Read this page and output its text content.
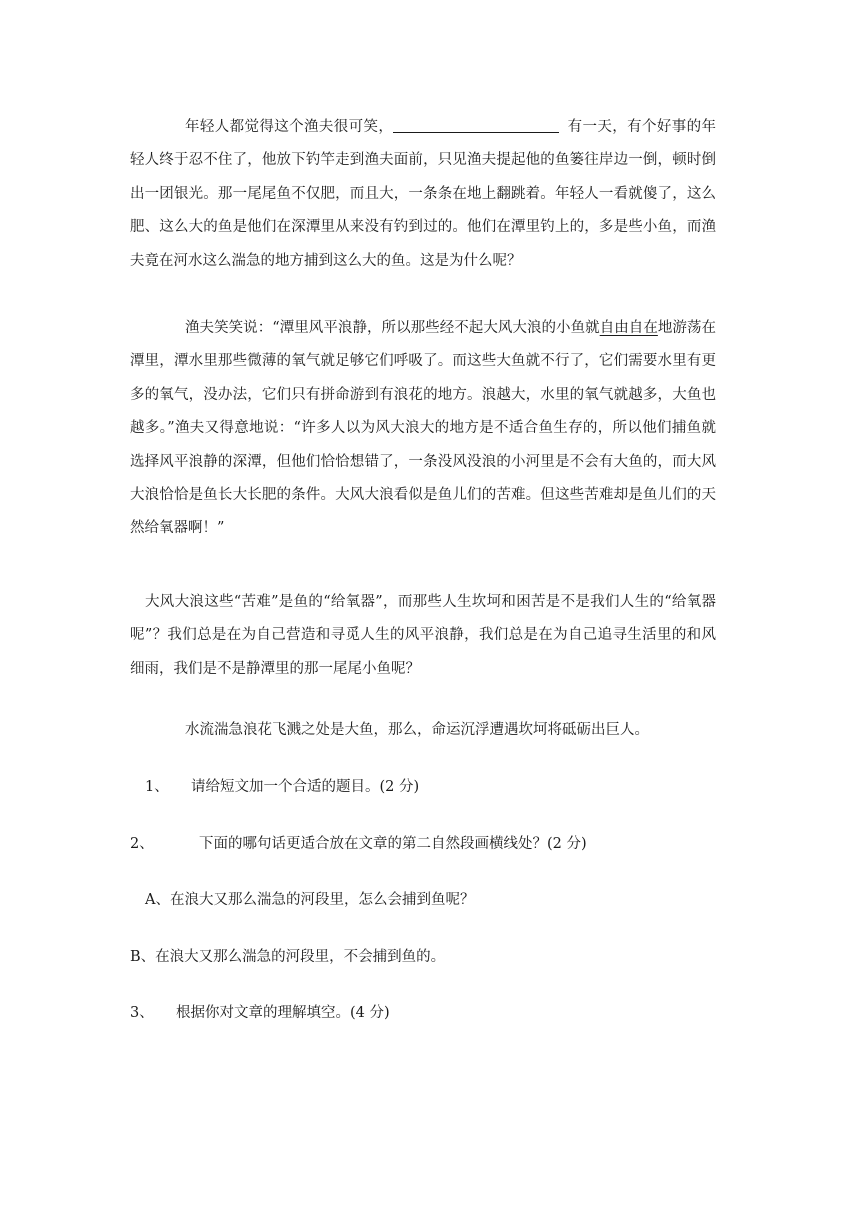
年轻人都觉得这个渔夫很可笑，	有一天，有个好事的年轻人终于忍不住了，他放下钓竿走到渔夫面前，只见渔夫提起他的鱼篓往岸边一倒，顿时倒出一团银光。那一尾尾鱼不仅肥，而且大，一条条在地上翻跳着。年轻人一看就傻了，这么肥、这么大的鱼是他们在深潭里从来没有钓到过的。他们在潭里钓上的，多是些小鱼，而渔夫竟在河水这么湍急的地方捕到这么大的鱼。这是为什么呢？

渔夫笑笑说：“潭里风平浪静，所以那些经不起大风大浪的小鱼就自由自在地游荡在潭里，潭水里那些微薄的氧气就足够它们呼吸了。而这些大鱼就不行了，它们需要水里有更多的氧气，没办法，它们只有拼命游到有浪花的地方。浪越大，水里的氧气就越多，大鱼也越多。”渔夫又得意地说：“许多人以为风大浪大的地方是不适合鱼生存的，所以他们捕鱼就选择风平浪静的深潭，但他们恰恰想错了，一条没风没浪的小河里是不会有大鱼的，而大风大浪恰恰是鱼长大长肥的条件。大风大浪看似是鱼儿们的苦难。但这些苦难却是鱼儿们的天然给氧器啊！”

大风大浪这些“苦难”是鱼的“给氧器”，而那些人生坎坷和困苦是不是我们人生的“给氧器呢”？我们总是在为自己营造和寻觅人生的风平浪静，我们总是在为自己追寻生活里的和风细雨，我们是不是静潭里的那一尾尾小鱼呢？

水流湍急浪花飞溅之处是大鱼，那么，命运沉浮遭遇坎坷将砥砺出巨人。

1、 请给短文加一个合适的题目。(2 分)
2、	下面的哪句话更适合放在文章的第二自然段画横线处？(2 分)
A、在浪大又那么湍急的河段里，怎么会捕到鱼呢？
B、在浪大又那么湍急的河段里，不会捕到鱼的。
3、 根据你对文章的理解填空。(4 分)
